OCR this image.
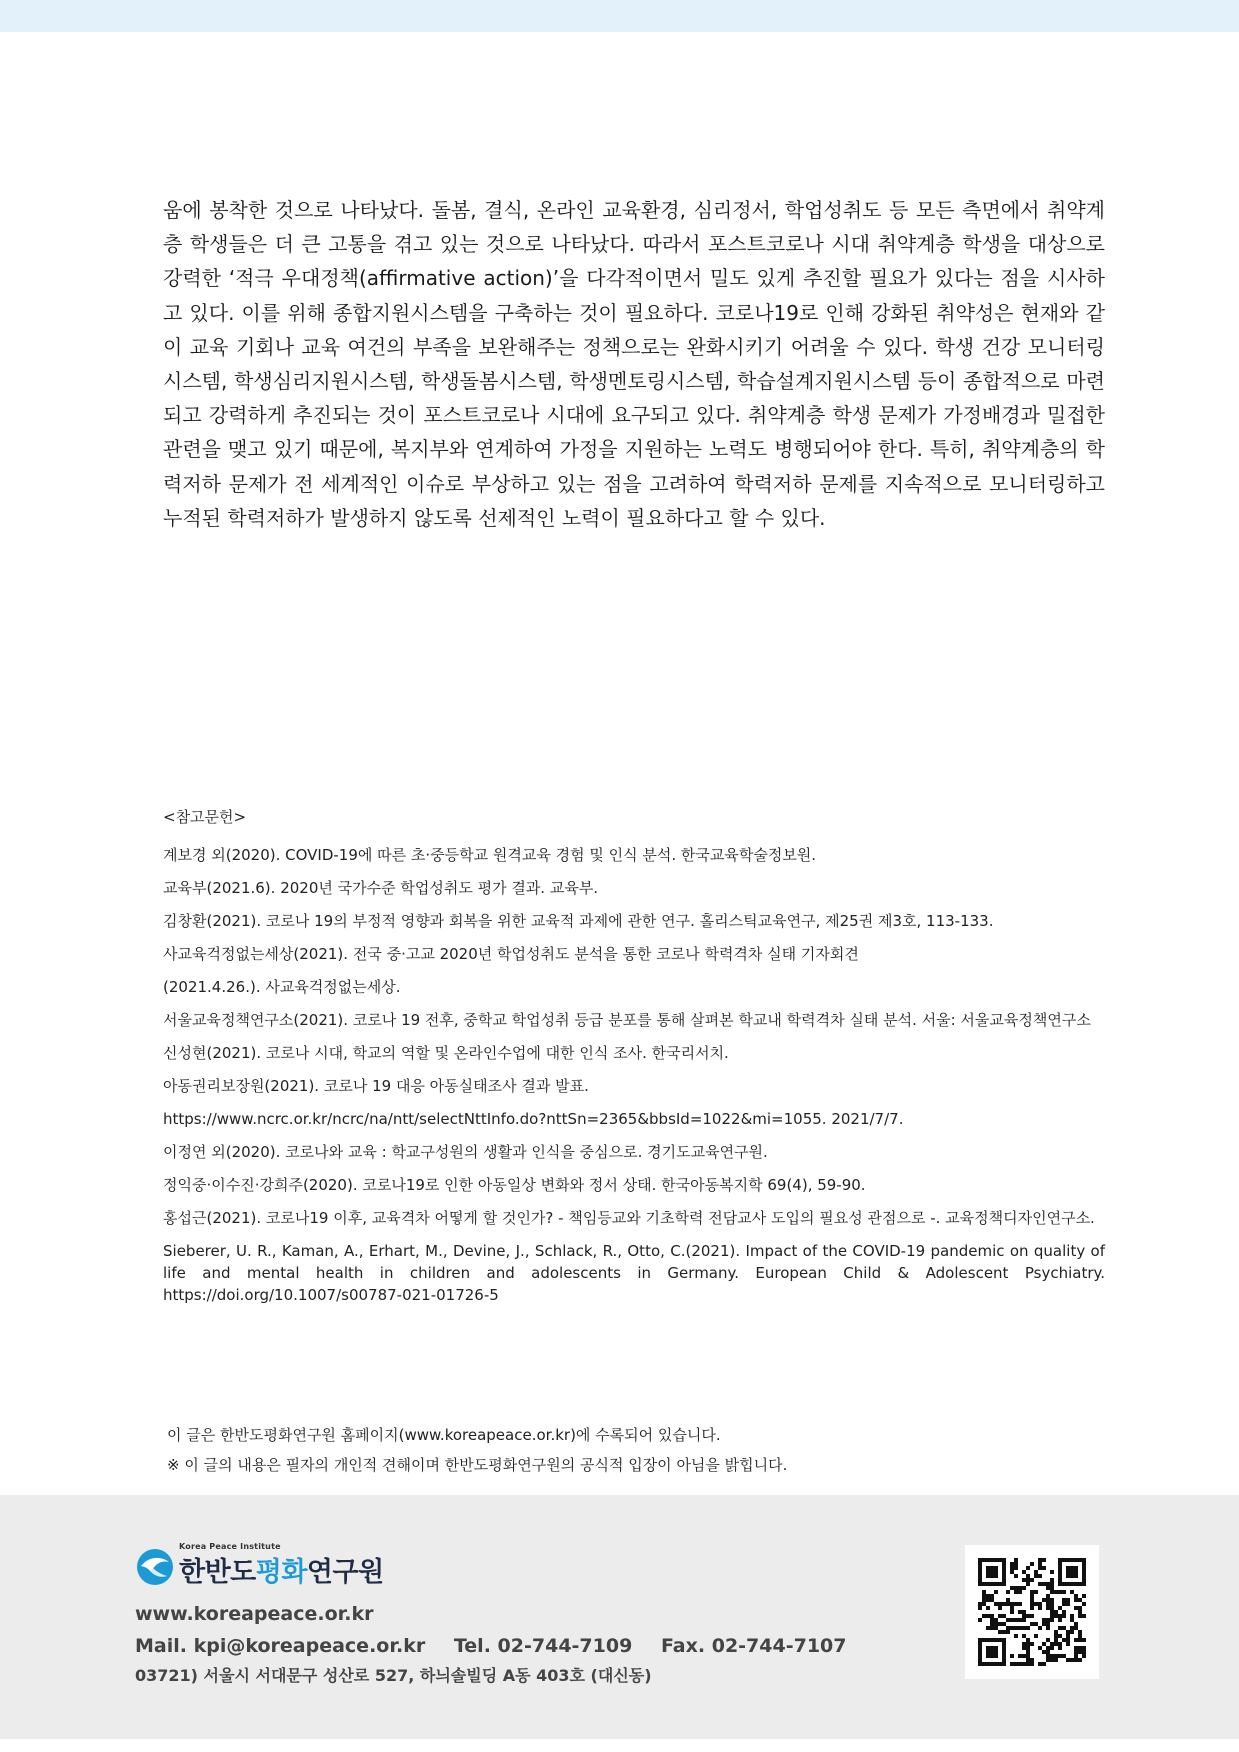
움에 봉착한 것으로 나타났다. 돌봄, 결식, 온라인 교육환경, 심리정서, 학업성취도 등 모든 측면에서 취약계층 학생들은 더 큰 고통을 겪고 있는 것으로 나타났다. 따라서 포스트코로나 시대 취약계층 학생을 대상으로 강력한 ‘적극 우대정책(affirmative action)’을 다각적이면서 밀도 있게 추진할 필요가 있다는 점을 시사하고 있다. 이를 위해 종합지원시스템을 구축하는 것이 필요하다. 코로나19로 인해 강화된 취약성은 현재와 같이 교육 기회나 교육 여건의 부족을 보완해주는 정책으로는 완화시키기 어려울 수 있다. 학생 건강 모니터링 시스템, 학생심리지원시스템, 학생돌봄시스템, 학생멘토링시스템, 학습설계지원시스템 등이 종합적으로 마련되고 강력하게 추진되는 것이 포스트코로나 시대에 요구되고 있다. 취약계층 학생 문제가 가정배경과 밀접한 관련을 맺고 있기 때문에, 복지부와 연계하여 가정을 지원하는 노력도 병행되어야 한다. 특히, 취약계층의 학력저하 문제가 전 세계적인 이슈로 부상하고 있는 점을 고려하여 학력저하 문제를 지속적으로 모니터링하고 누적된 학력저하가 발생하지 않도록 선제적인 노력이 필요하다고 할 수 있다.

<참고문헌>
계보경 외(2020). COVID-19에 따른 초·중등학교 원격교육 경험 및 인식 분석. 한국교육학술정보원.
교육부(2021.6). 2020년 국가수준 학업성취도 평가 결과. 교육부.
김창환(2021). 코로나 19의 부정적 영향과 회복을 위한 교육적 과제에 관한 연구. 홀리스틱교육연구, 제25권 제3호, 113-133.
사교육걱정없는세상(2021). 전국 중·고교 2020년 학업성취도 분석을 통한 코로나 학력격차 실태 기자회견
(2021.4.26.). 사교육걱정없는세상.
서울교육정책연구소(2021). 코로나 19 전후, 중학교 학업성취 등급 분포를 통해 살펴본 학교내 학력격차 실태 분석. 서울: 서울교육정책연구소
신성현(2021). 코로나 시대, 학교의 역할 및 온라인수업에 대한 인식 조사. 한국리서치.
아동권리보장원(2021). 코로나 19 대응 아동실태조사 결과 발표.
https://www.ncrc.or.kr/ncrc/na/ntt/selectNttInfo.do?nttSn=2365&bbsId=1022&mi=1055. 2021/7/7.
이정연 외(2020). 코로나와 교육 : 학교구성원의 생활과 인식을 중심으로. 경기도교육연구원.
정익중·이수진·강희주(2020). 코로나19로 인한 아동일상 변화와 정서 상태. 한국아동복지학 69(4), 59-90.
홍섭근(2021). 코로나19 이후, 교육격차 어떻게 할 것인가? - 책임등교와 기초학력 전담교사 도입의 필요성 관점으로 -. 교육정책디자인연구소.
Sieberer, U. R., Kaman, A., Erhart, M., Devine, J., Schlack, R., Otto, C.(2021). Impact of the COVID-19 pandemic on quality of life and mental health in children and adolescents in Germany. European Child & Adolescent Psychiatry. https://doi.org/10.1007/s00787-021-01726-5
이 글은 한반도평화연구원 홈페이지(www.koreapeace.or.kr)에 수록되어 있습니다.
※ 이 글의 내용은 필자의 개인적 견해이며 한반도평화연구원의 공식적 입장이 아님을 밝힙니다.
Korea Peace Institute
한반도평화연구원
www.koreapeace.or.kr
Mail. kpi@koreapeace.or.kr Tel. 02-744-7109 Fax. 02-744-7107
03721) 서울시 서대문구 성산로 527, 하늬솔빌딩 A동 403호 (대신동)
